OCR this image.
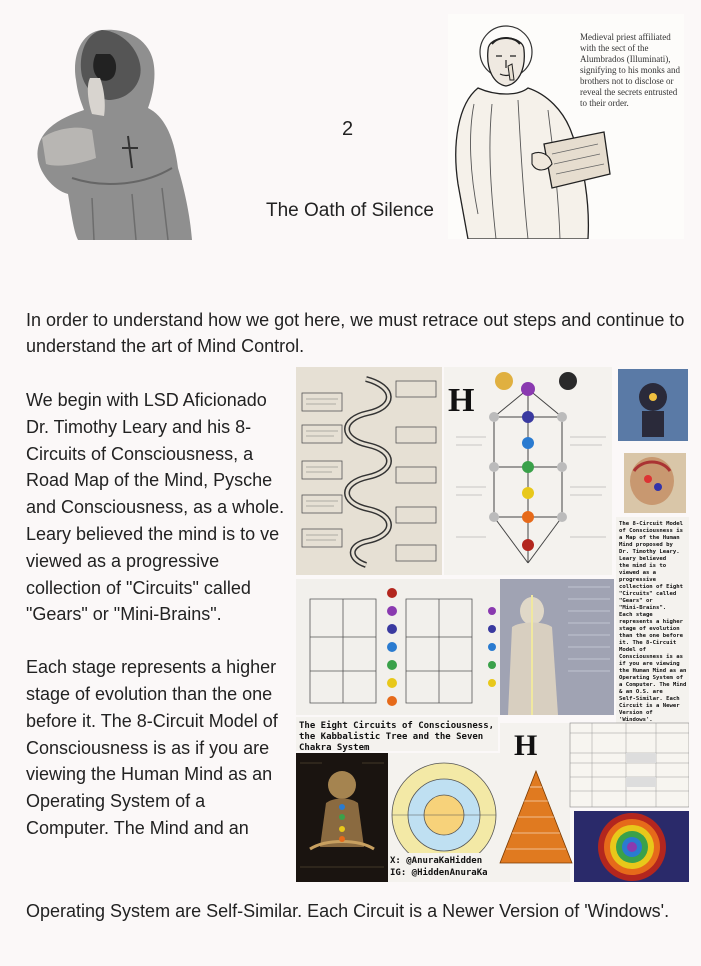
2
The Oath of Silence
Medieval priest affiliated with the sect of the Alumbrados (Illuminati), signifying to his monks and brothers not to disclose or reveal the secrets entrusted to their order.
In order to understand how we got here, we must retrace out steps and continue to understand the art of Mind Control.

We begin with LSD Aficionado Dr. Timothy Leary and his 8-Circuits of Consciousness, a Road Map of the Mind, Pysche and Consciousness, as a whole. Leary believed the mind is to ve viewed as a progressive collection of "Circuits" called "Gears" or "Mini-Brains".

Each stage represents a higher stage of evolution than the one before it. The 8-Circuit Model of Consciousness is as if you are viewing the Human Mind as an Operating System of a Computer. The Mind and an

Operating System are Self-Similar. Each Circuit is a Newer Version of 'Windows'.
H
The 8-Circuit Model of Consciousness is a Map of the Human Mind proposed by Dr. Timothy Leary. Leary believed the mind is to viewed as a progressive collection of Eight "Circuits" called "Gears" or "Mini-Brains". Each stage represents a higher stage of evolution than the one before it. The 8-Circuit Model of Consciousness is as if you are viewing the Human Mind as an Operating System of a Computer. The Mind & an O.S. are Self-Similar. Each Circuit is a Newer Version of 'Windows'.
The Eight Circuits of Consciousness, the Kabbalistic Tree and the Seven Chakra System
X: @AnuraKaHidden IG: @HiddenAnuraKa
H
